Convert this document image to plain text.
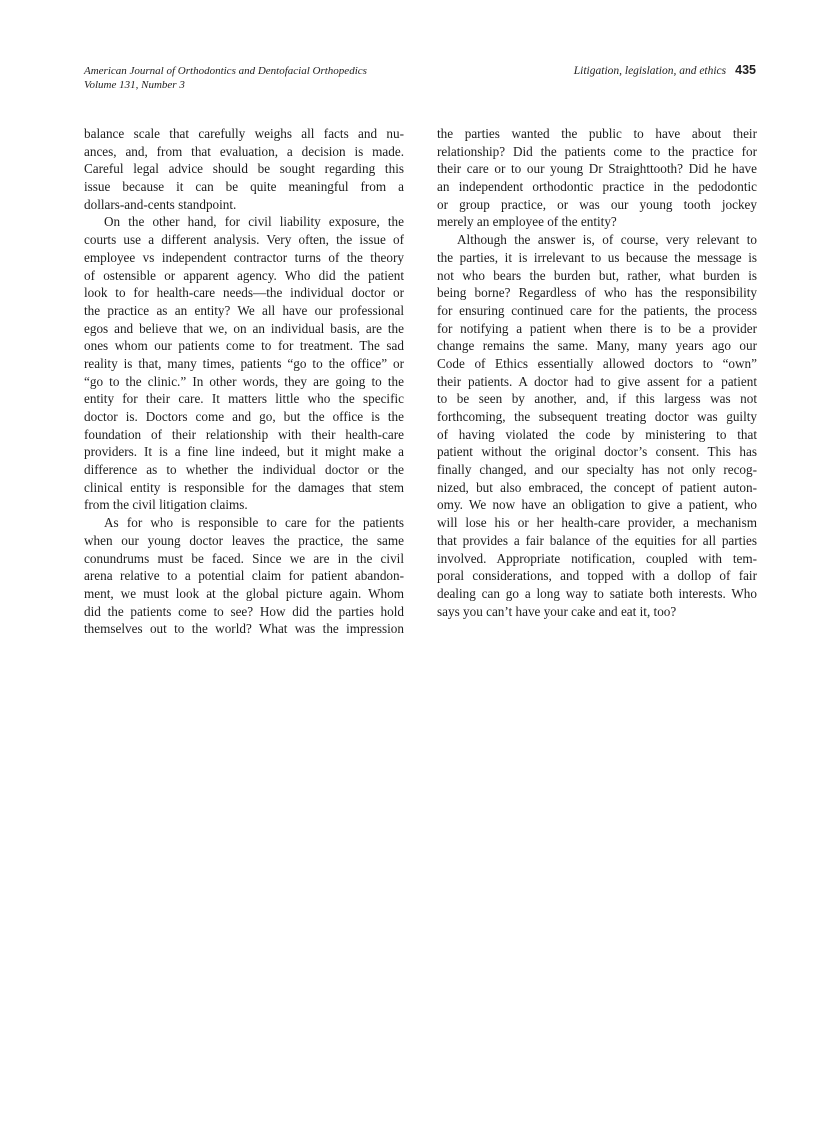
American Journal of Orthodontics and Dentofacial Orthopedics
Volume 131, Number 3
Litigation, legislation, and ethics 435
balance scale that carefully weighs all facts and nu-
ances, and, from that evaluation, a decision is made.
Careful legal advice should be sought regarding this
issue because it can be quite meaningful from a
dollars-and-cents standpoint.
On the other hand, for civil liability exposure, the
courts use a different analysis. Very often, the issue of
employee vs independent contractor turns of the theory
of ostensible or apparent agency. Who did the patient
look to for health-care needs—the individual doctor or
the practice as an entity? We all have our professional
egos and believe that we, on an individual basis, are the
ones whom our patients come to for treatment. The sad
reality is that, many times, patients “go to the office” or
“go to the clinic.” In other words, they are going to the
entity for their care. It matters little who the specific
doctor is. Doctors come and go, but the office is the
foundation of their relationship with their health-care
providers. It is a fine line indeed, but it might make a
difference as to whether the individual doctor or the
clinical entity is responsible for the damages that stem
from the civil litigation claims.
As for who is responsible to care for the patients
when our young doctor leaves the practice, the same
conundrums must be faced. Since we are in the civil
arena relative to a potential claim for patient abandon-
ment, we must look at the global picture again. Whom
did the patients come to see? How did the parties hold
themselves out to the world? What was the impression
the parties wanted the public to have about their
relationship? Did the patients come to the practice for
their care or to our young Dr Straighttooth? Did he have
an independent orthodontic practice in the pedodontic
or group practice, or was our young tooth jockey
merely an employee of the entity?
Although the answer is, of course, very relevant to
the parties, it is irrelevant to us because the message is
not who bears the burden but, rather, what burden is
being borne? Regardless of who has the responsibility
for ensuring continued care for the patients, the process
for notifying a patient when there is to be a provider
change remains the same. Many, many years ago our
Code of Ethics essentially allowed doctors to “own”
their patients. A doctor had to give assent for a patient
to be seen by another, and, if this largess was not
forthcoming, the subsequent treating doctor was guilty
of having violated the code by ministering to that
patient without the original doctor’s consent. This has
finally changed, and our specialty has not only recog-
nized, but also embraced, the concept of patient auton-
omy. We now have an obligation to give a patient, who
will lose his or her health-care provider, a mechanism
that provides a fair balance of the equities for all parties
involved. Appropriate notification, coupled with tem-
poral considerations, and topped with a dollop of fair
dealing can go a long way to satiate both interests. Who
says you can’t have your cake and eat it, too?
